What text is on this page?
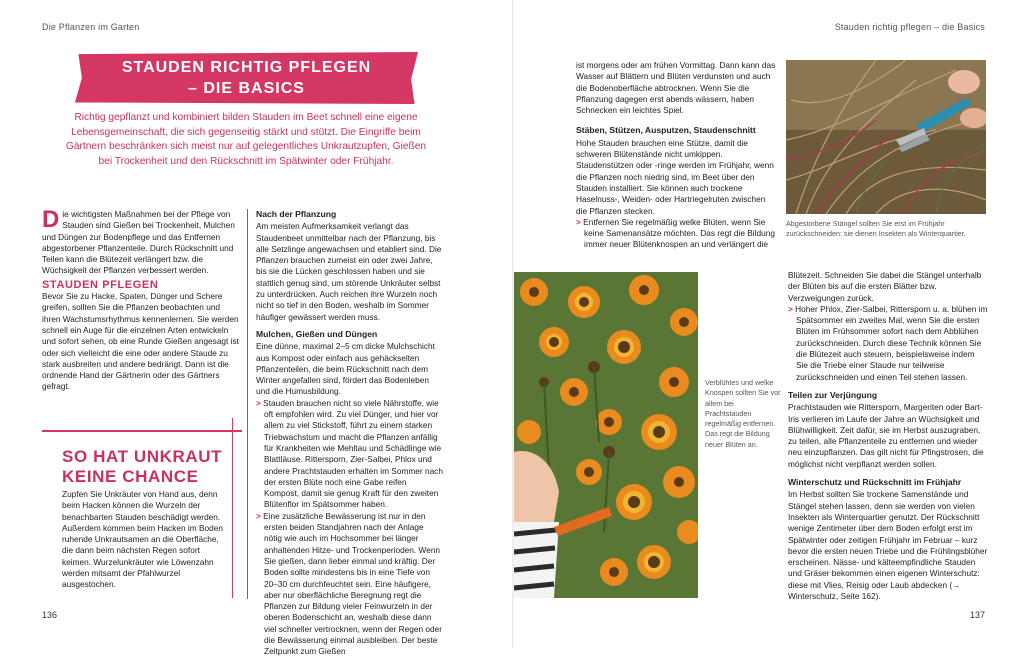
Die Pflanzen im Garten	Stauden richtig pflegen – die Basics
STAUDEN RICHTIG PFLEGEN
– DIE BASICS
Richtig gepflanzt und kombiniert bilden Stauden im Beet schnell eine eigene Lebensgemeinschaft, die sich gegenseitig stärkt und stützt. Die Eingriffe beim Gärtnern beschränken sich meist nur auf gelegentliches Unkrautzupfen, Gießen bei Trockenheit und den Rückschnitt im Spätwinter oder Frühjahr.

Die wichtigsten Maßnahmen bei der Pflege von Stauden sind Gießen bei Trockenheit, Mulchen und Düngen zur Bodenpflege und das Entfernen abgestorbener Pflanzenteile. Durch Rückschnitt und Teilen kann die Blütezeit verlängert bzw. die Wüchsigkeit der Pflanzen verbessert werden.

STAUDEN PFLEGEN

Bevor Sie zu Hacke, Spaten, Dünger und Schere greifen, sollten Sie die Pflanzen beobachten und ihren Wachstumsrhythmus kennenlernen. Sie werden schnell ein Auge für die einzelnen Arten entwickeln und sofort sehen, ob eine Runde Gießen angesagt ist oder sich vielleicht die eine oder andere Staude zu stark ausbreiten und andere bedrängt. Dann ist die ordnende Hand der Gärtnerin oder des Gärtners gefragt.

SO HAT UNKRAUT
KEINE CHANCE
Zupfen Sie Unkräuter von Hand aus, denn beim Hacken können die Wurzeln der benachbarten Stauden beschädigt werden. Außerdem kommen beim Hacken im Boden ruhende Unkrautsamen an die Oberfläche, die dann beim nächsten Regen sofort keimen. Wurzelunkräuter wie Löwenzahn werden mitsamt der Pfahlwurzel ausgestochen.
Nach der Pflanzung

Am meisten Aufmerksamkeit verlangt das Staudenbeet unmittelbar nach der Pflanzung, bis alle Setzlinge angewachsen und etabliert sind. Die Pflanzen brauchen zumeist ein oder zwei Jahre, bis sie die Lücken geschlossen haben und sie stattlich genug sind, um störende Unkräuter selbst zu unterdrücken. Auch reichen ihre Wurzeln noch nicht so tief in den Boden, weshalb im Sommer häufiger gewässert werden muss.

Mulchen, Gießen und Düngen

Eine dünne, maximal 2–5 cm dicke Mulchschicht aus Kompost oder einfach aus gehäckselten Pflanzenteilen, die beim Rückschnitt nach dem Winter angefallen sind, fördert das Bodenleben und die Humusbildung.

> Stauden brauchen nicht so viele Nährstoffe, wie oft empfohlen wird. Zu viel Dünger, und hier vor allem zu viel Stickstoff, führt zu einem starken Triebwachstum und macht die Pflanzen anfällig für Krankheiten wie Mehltau und Schädlinge wie Blattläuse. Rittersporn, Zier-Salbei, Phlox und andere Prachtstauden erhalten im Sommer nach der ersten Blüte noch eine Gabe reifen Kompost, damit sie genug Kraft für den zweiten Blütenflor im Spätsommer haben.

> Eine zusätzliche Bewässerung ist nur in den ersten beiden Standjahren nach der Anlage nötig wie auch im Hochsommer bei länger anhaltenden Hitze- und Trockenperioden. Wenn Sie gießen, dann lieber einmal und kräftig. Der Boden sollte mindestens bis in eine Tiefe von 20–30 cm durchfeuchtet sein. Eine häufigere, aber nur oberflächliche Beregnung regt die Pflanzen zur Bildung vieler Feinwurzeln in der oberen Bodenschicht an, weshalb diese dann viel schneller vertrocknen, wenn der Regen oder die Bewässerung einmal ausbleiben. Der beste Zeitpunkt zum Gießen

ist morgens oder am frühen Vormittag. Dann kann das Wasser auf Blättern und Blüten verdunsten und auch die Bodenoberfläche abtrocknen. Wenn Sie die Pflanzung dagegen erst abends wässern, haben Schnecken ein leichtes Spiel.

Stäben, Stützen, Ausputzen, Staudenschnitt

Hohe Stauden brauchen eine Stütze, damit die schweren Blütenstände nicht umkippen. Staudenstützen oder -ringe werden im Frühjahr, wenn die Pflanzen noch niedrig sind, im Beet über den Stauden installiert. Sie können auch trockene Haselnuss-, Weiden- oder Hartriegelruten zwischen die Pflanzen stecken.

> Entfernen Sie regelmäßig welke Blüten, wenn Sie keine Samenansätze möchten. Das regt die Bildung immer neuer Blütenknospen an und verlängert die

Abgestorbene Stängel sollten Sie erst im Frühjahr zurückschneiden: sie dienen Insekten als Winterquartier.
Verblühtes und welke Knospen sollten Sie vor allem bei Prachtstauden regelmäßig entfernen. Das regt die Bildung neuer Blüten an.

Blütezeit. Schneiden Sie dabei die Stängel unterhalb der Blüten bis auf die ersten Blätter bzw. Verzweigungen zurück.

> Hoher Phlox, Zier-Salbei, Rittersporn u. a. blühen im Spätsommer ein zweites Mal, wenn Sie die ersten Blüten im Frühsommer sofort nach dem Abblühen zurückschneiden. Durch diese Technik können Sie die Blütezeit auch steuern, beispielsweise indem Sie die Triebe einer Staude nur teilweise zurückschneiden und einen Teil stehen lassen.

Teilen zur Verjüngung

Prachtstauden wie Rittersporn, Margeriten oder Bart-Iris verlieren im Laufe der Jahre an Wüchsigkeit und Blühwilligkeit. Zeit dafür, sie im Herbst auszugraben, zu teilen, alle Pflanzenteile zu entfernen und wieder neu einzupflanzen. Das gilt nicht für Pfingstrosen, die möglichst nicht verpflanzt werden sollen.

Winterschutz und Rückschnitt im Frühjahr

Im Herbst sollten Sie trockene Samenstände und Stängel stehen lassen, denn sie werden von vielen Insekten als Winterquartier genutzt. Der Rückschnitt wenige Zentimeter über dem Boden erfolgt erst im Spätwinter oder zeitigen Frühjahr im Februar – kurz bevor die ersten neuen Triebe und die Frühlingsblüher erscheinen. Nässe- und kälteempfindliche Stauden und Gräser bekommen einen eigenen Winterschutz: diese mit Vlies, Reisig oder Laub abdecken (→ Winterschutz, Seite 162).

136	137
